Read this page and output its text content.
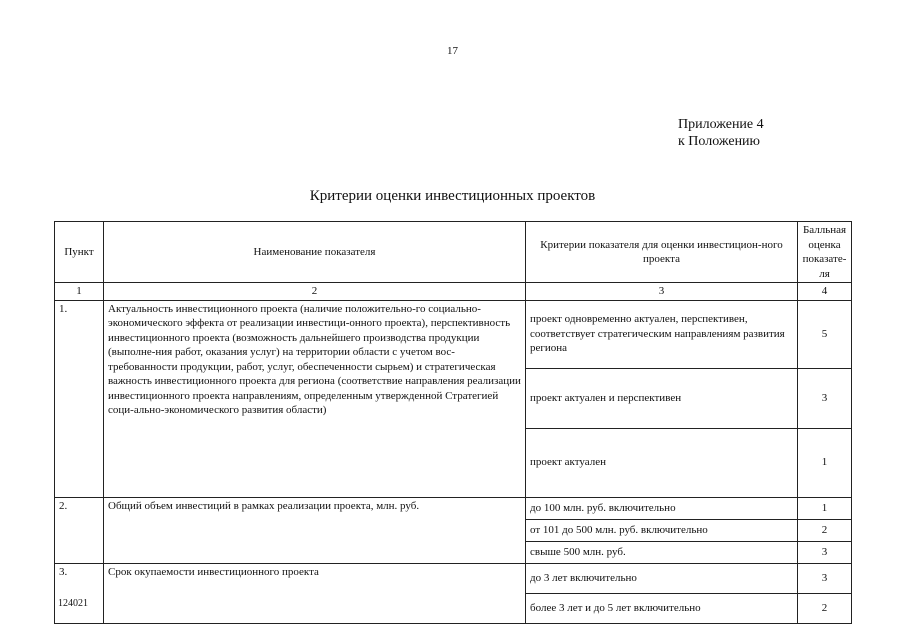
17
Приложение 4
к Положению
Критерии оценки инвестиционных проектов
Пункт	Наименование показателя	Критерии показателя для оценки инвестицион-ного проекта	Балльная оценка показате-ля
1	2	3	4
1.	Актуальность инвестиционного проекта (наличие положительно-го социально-экономического эффекта от реализации инвестици-онного проекта), перспективность инвестиционного проекта (возможность дальнейшего производства продукции (выполне-ния работ, оказания услуг) на территории области с учетом вос-требованности продукции, работ, услуг, обеспеченности сырьем) и стратегическая важность инвестиционного проекта для региона (соответствие направления реализации инвестиционного проекта направлениям, определенным утвержденной Стратегией соци-ально-экономического развития области)	проект одновременно актуален, перспективен, соответствует стратегическим направлениям развития региона	5
		проект актуален и перспективен	3
		проект актуален	1
2.	Общий объем инвестиций в рамках реализации проекта, млн. руб.	до 100 млн. руб. включительно	1
		от 101 до 500 млн. руб. включительно	2
		свыше 500 млн. руб.	3
3.	Срок окупаемости инвестиционного проекта	до 3 лет включительно	3
		более 3 лет и до 5 лет включительно	2
124021
